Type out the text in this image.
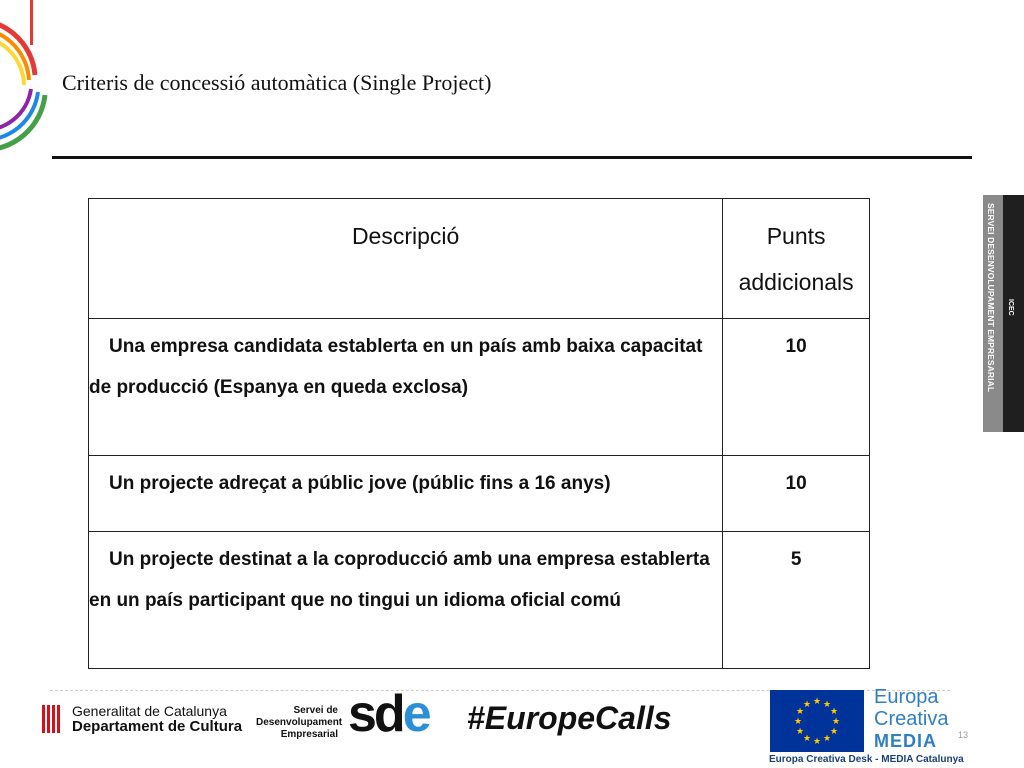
Criteris de concessió automàtica (Single Project)
SERVEI DESENVOLUPAMENT EMPRESARIAL ICEC
Descripció	Punts
addicionals

Una empresa candidata establerta en un país amb baixa capacitat de producció (Espanya en queda exclosa)	10
Un projecte adreçat a públic jove (públic fins a 16 anys)	10
Un projecte destinat a la coproducció amb una empresa establerta en un país participant que no tingui un idioma oficial comú	5
Generalitat de Catalunya
Departament de Cultura
Servei de
Desenvolupament
Empresarial sde #EuropeCalls	★ ★
★
★
★
★
★
★
★
★
★
★	Europa
Creativa
MEDIA
Europa Creativa Desk - MEDIA Catalunya
13
